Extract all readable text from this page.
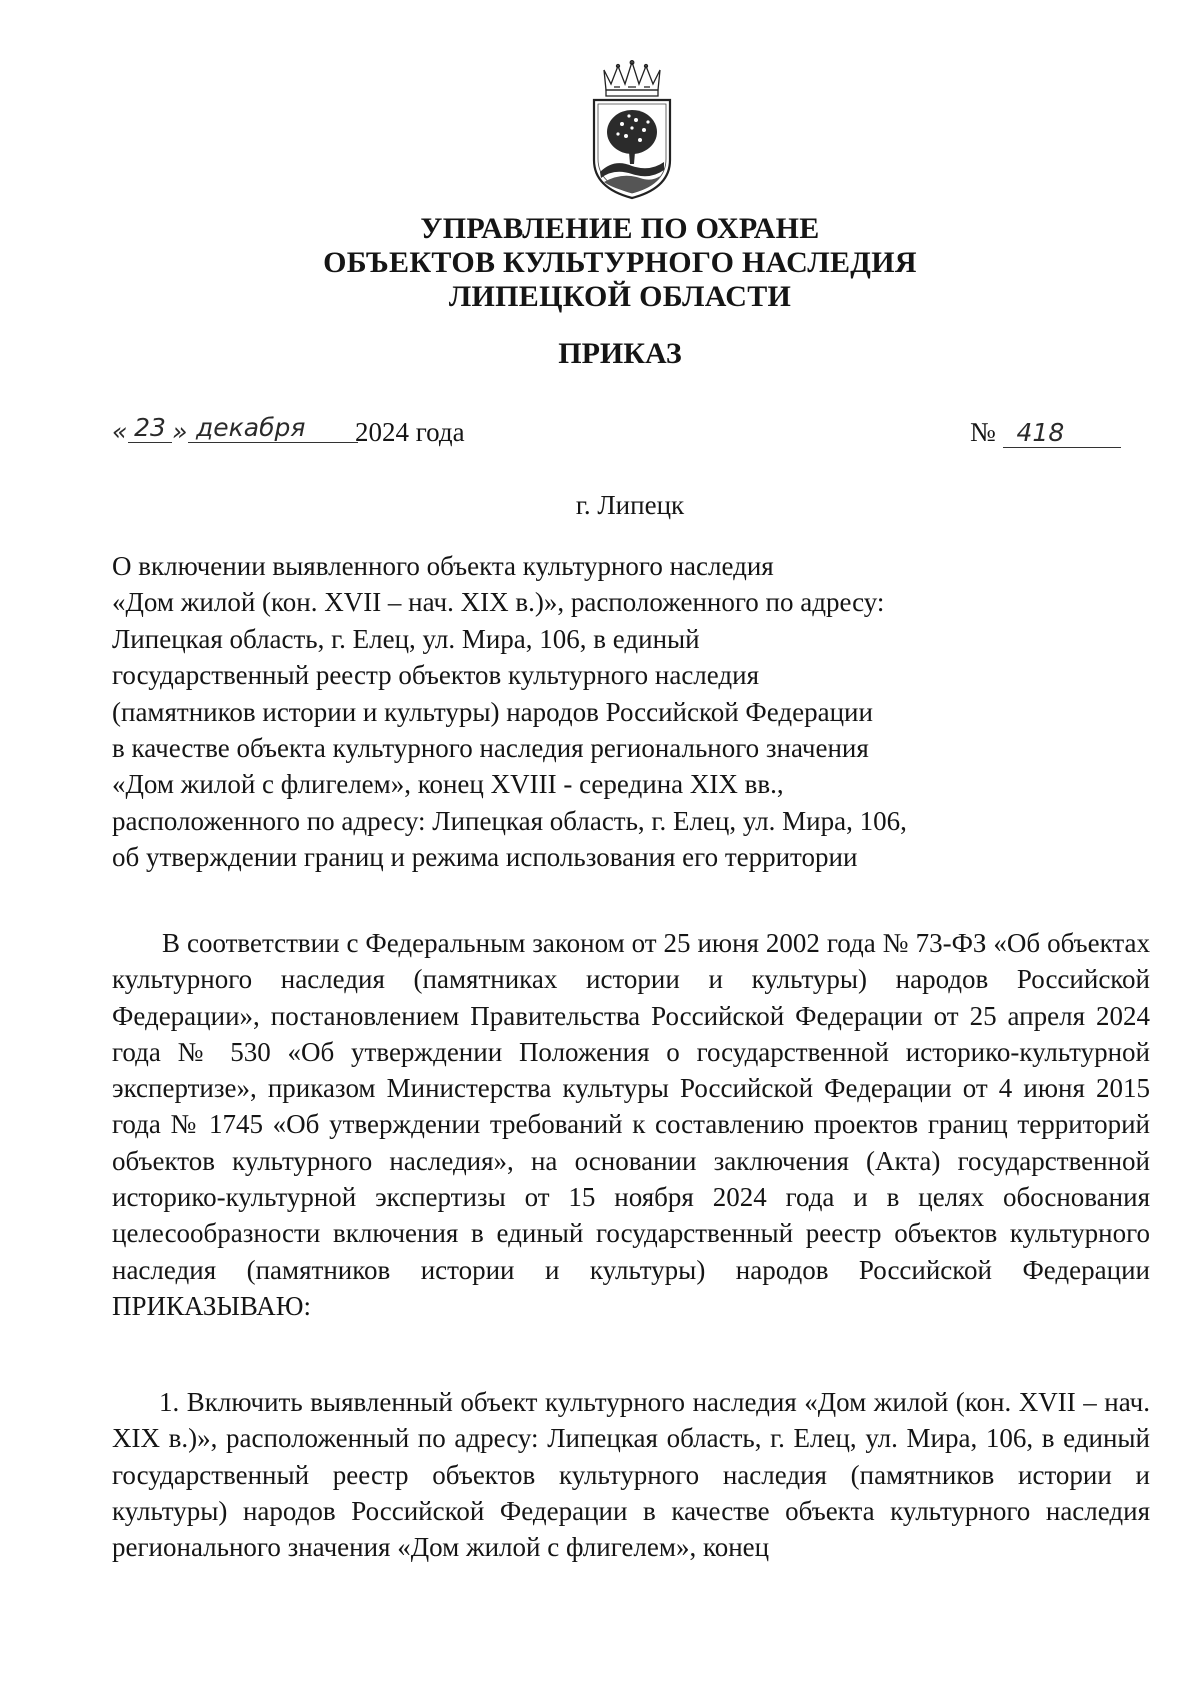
УПРАВЛЕНИЕ ПО ОХРАНЕ
ОБЪЕКТОВ КУЛЬТУРНОГО НАСЛЕДИЯ
ЛИПЕЦКОЙ ОБЛАСТИ
ПРИКАЗ
« 23 » декабря	2024 года	№ 418
г. Липецк
О включении выявленного объекта культурного наследия
«Дом жилой (кон. XVII – нач. XIX в.)», расположенного по адресу:
Липецкая область, г. Елец, ул. Мира, 106, в единый
государственный реестр объектов культурного наследия
(памятников истории и культуры) народов Российской Федерации
в качестве объекта культурного наследия регионального значения
«Дом жилой с флигелем», конец XVIII - середина XIX вв.,
расположенного по адресу: Липецкая область, г. Елец, ул. Мира, 106,
об утверждении границ и режима использования его территории
В соответствии с Федеральным законом от 25 июня 2002 года № 73-ФЗ «Об объектах культурного наследия (памятниках истории и культуры) народов Российской Федерации», постановлением Правительства Российской Федерации от 25 апреля 2024 года № 530 «Об утверждении Положения о государственной историко-культурной экспертизе», приказом Министерства культуры Российской Федерации от 4 июня 2015 года № 1745 «Об утверждении требований к составлению проектов границ территорий объектов культурного наследия», на основании заключения (Акта) государственной историко-культурной экспертизы от 15 ноября 2024 года и в целях обоснования целесообразности включения в единый государственный реестр объектов культурного наследия (памятников истории и культуры) народов Российской Федерации ПРИКАЗЫВАЮ:
1. Включить выявленный объект культурного наследия «Дом жилой (кон. XVII – нач. XIX в.)», расположенный по адресу: Липецкая область, г. Елец, ул. Мира, 106, в единый государственный реестр объектов культурного наследия (памятников истории и культуры) народов Российской Федерации в качестве объекта культурного наследия регионального значения «Дом жилой с флигелем», конец
